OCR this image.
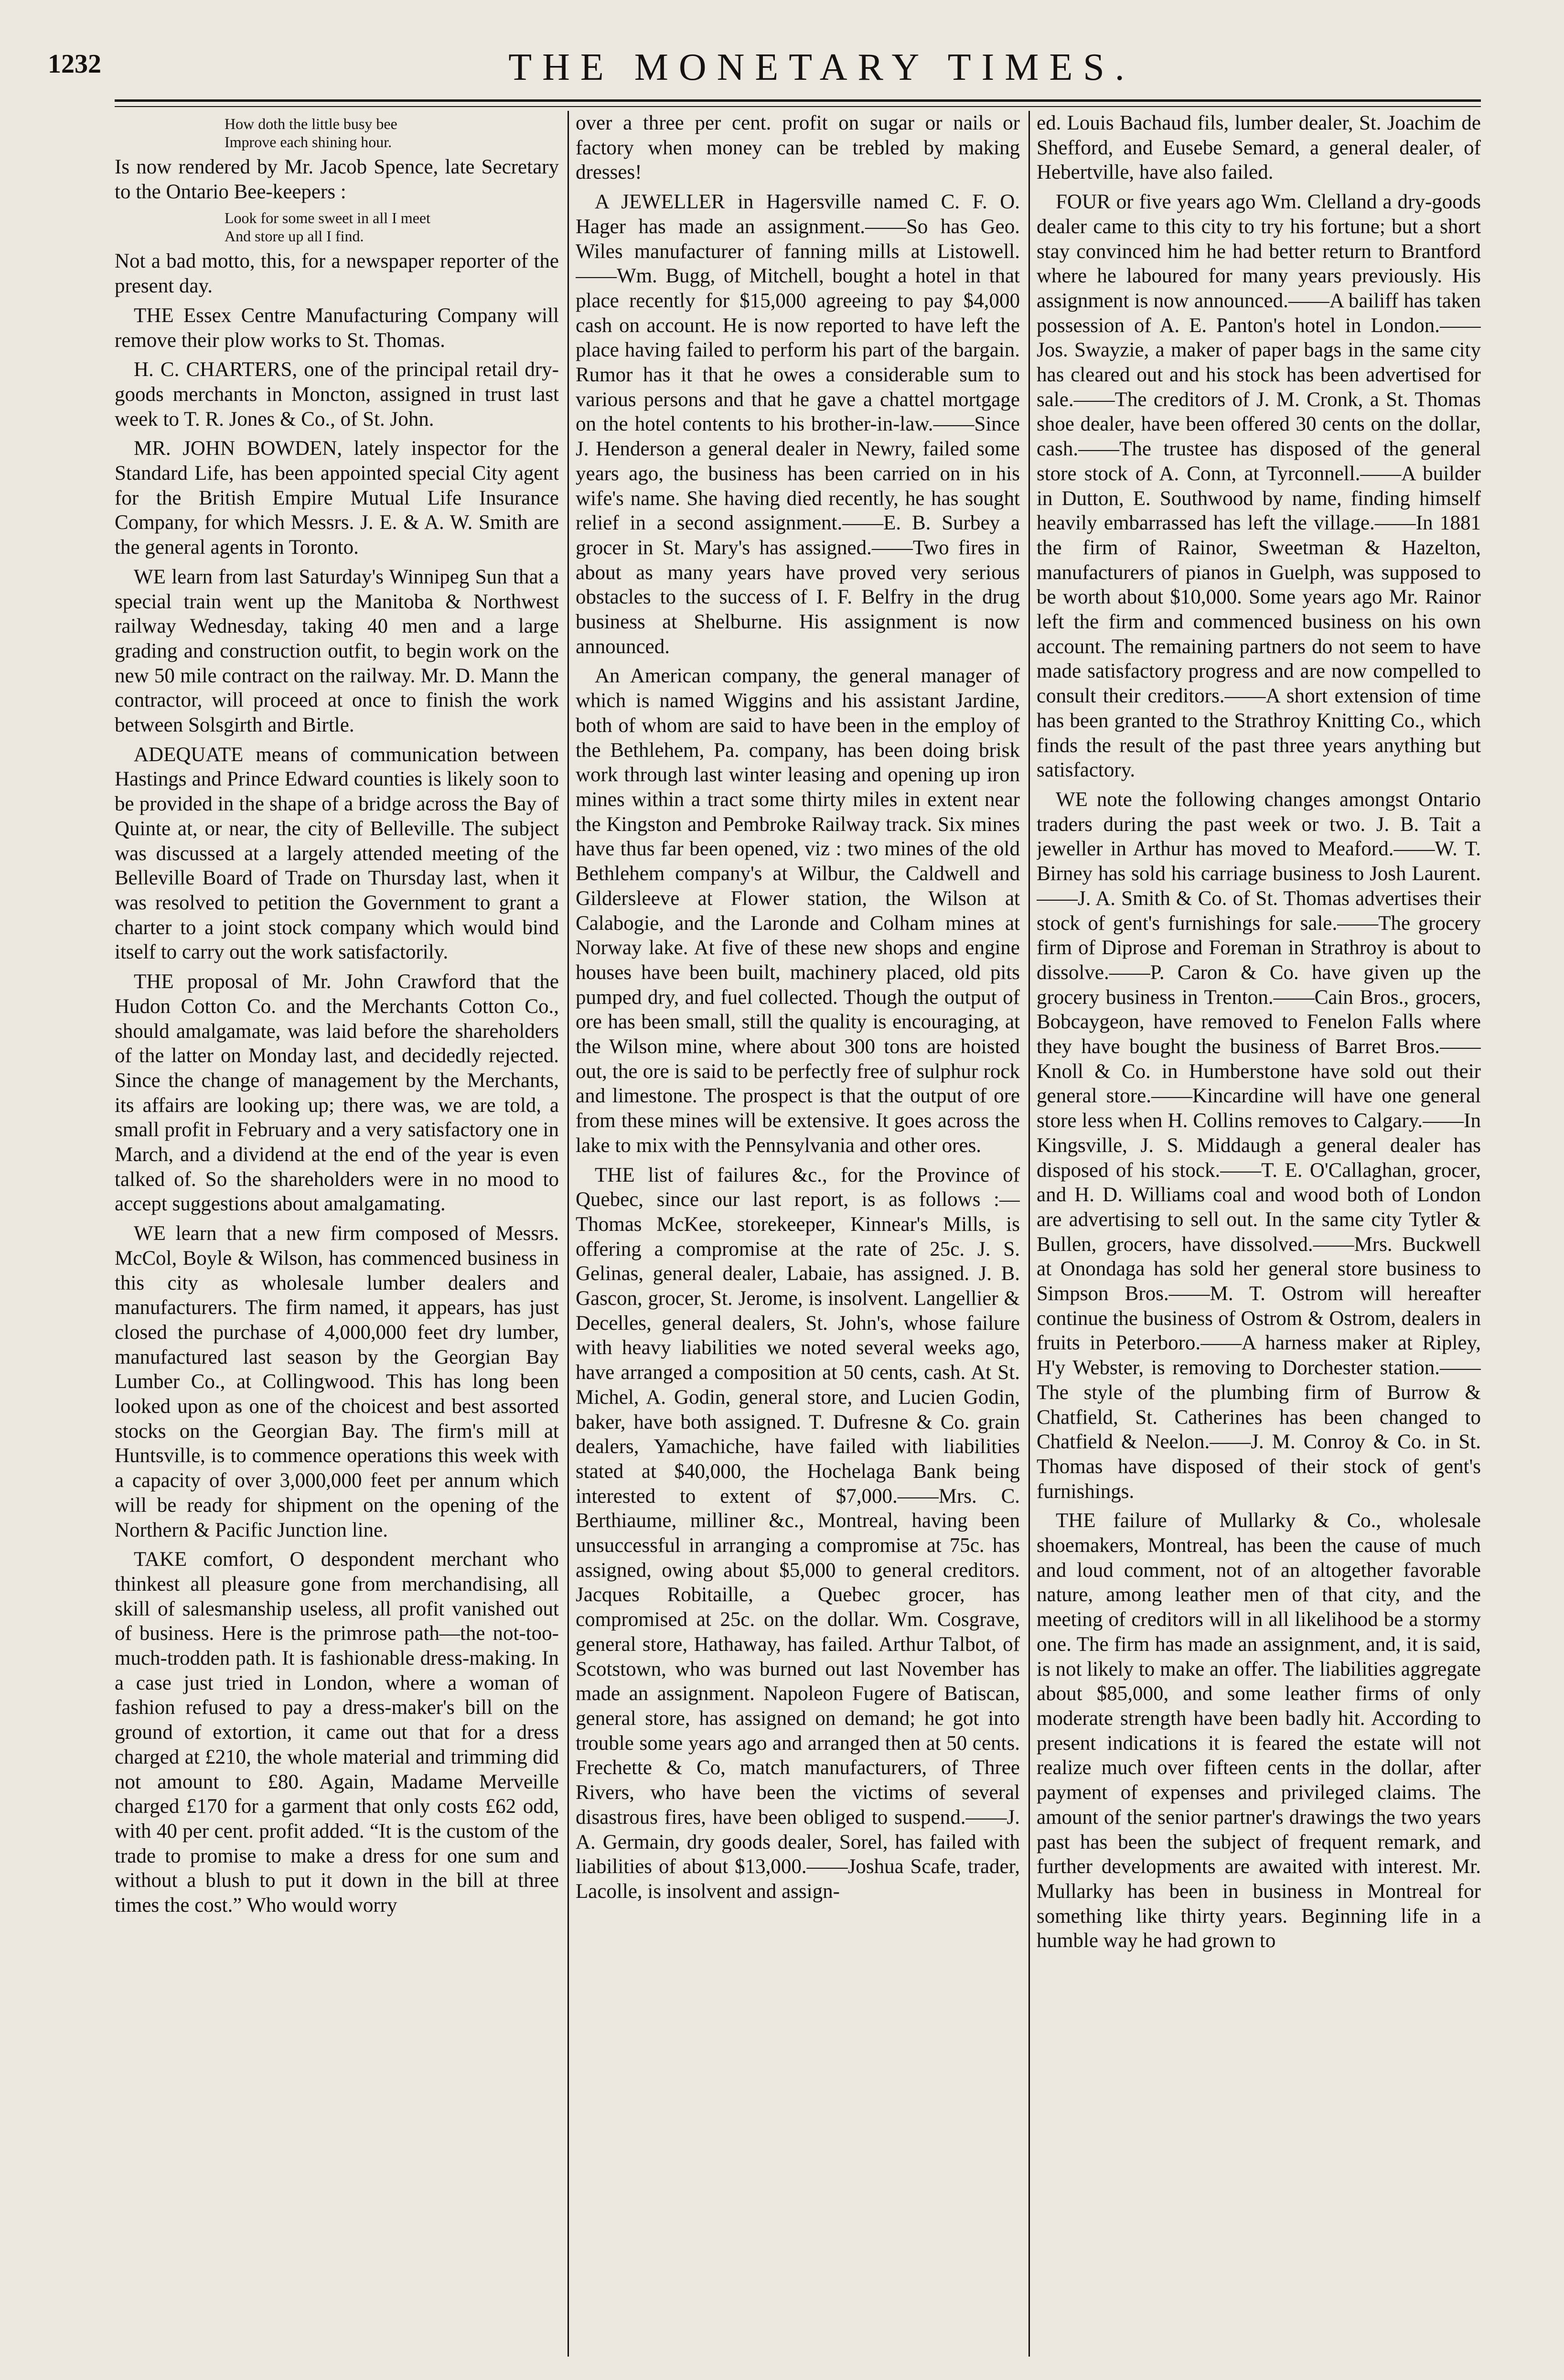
1232	THE MONETARY TIMES.
How doth the little busy bee
Improve each shining hour.

Is now rendered by Mr. Jacob Spence, late Secretary to the Ontario Bee-keepers :

Look for some sweet in all I meet
And store up all I find.

Not a bad motto, this, for a newspaper reporter of the present day.

THE Essex Centre Manufacturing Company will remove their plow works to St. Thomas.

H. C. CHARTERS, one of the principal retail dry-goods merchants in Moncton, assigned in trust last week to T. R. Jones & Co., of St. John.

MR. JOHN BOWDEN, lately inspector for the Standard Life, has been appointed special City agent for the British Empire Mutual Life Insurance Company, for which Messrs. J. E. & A. W. Smith are the general agents in Toronto.

WE learn from last Saturday's Winnipeg Sun that a special train went up the Manitoba & Northwest railway Wednesday, taking 40 men and a large grading and construction outfit, to begin work on the new 50 mile contract on the railway. Mr. D. Mann the contractor, will proceed at once to finish the work between Solsgirth and Birtle.

ADEQUATE means of communication between Hastings and Prince Edward counties is likely soon to be provided in the shape of a bridge across the Bay of Quinte at, or near, the city of Belleville. The subject was discussed at a largely attended meeting of the Belleville Board of Trade on Thursday last, when it was resolved to petition the Government to grant a charter to a joint stock company which would bind itself to carry out the work satisfactorily.

THE proposal of Mr. John Crawford that the Hudon Cotton Co. and the Merchants Cotton Co., should amalgamate, was laid before the shareholders of the latter on Monday last, and decidedly rejected. Since the change of management by the Merchants, its affairs are looking up; there was, we are told, a small profit in February and a very satisfactory one in March, and a dividend at the end of the year is even talked of. So the shareholders were in no mood to accept suggestions about amalgamating.

WE learn that a new firm composed of Messrs. McCol, Boyle & Wilson, has commenced business in this city as wholesale lumber dealers and manufacturers. The firm named, it appears, has just closed the purchase of 4,000,000 feet dry lumber, manufactured last season by the Georgian Bay Lumber Co., at Collingwood. This has long been looked upon as one of the choicest and best assorted stocks on the Georgian Bay. The firm's mill at Huntsville, is to commence operations this week with a capacity of over 3,000,000 feet per annum which will be ready for shipment on the opening of the Northern & Pacific Junction line.

TAKE comfort, O despondent merchant who thinkest all pleasure gone from merchandising, all skill of salesmanship useless, all profit vanished out of business. Here is the primrose path—the not-too-much-trodden path. It is fashionable dress-making. In a case just tried in London, where a woman of fashion refused to pay a dress-maker's bill on the ground of extortion, it came out that for a dress charged at £210, the whole material and trimming did not amount to £80. Again, Madame Merveille charged £170 for a garment that only costs £62 odd, with 40 per cent. profit added. “It is the custom of the trade to promise to make a dress for one sum and without a blush to put it down in the bill at three times the cost.” Who would worry

over a three per cent. profit on sugar or nails or factory when money can be trebled by making dresses!

A JEWELLER in Hagersville named C. F. O. Hager has made an assignment.——So has Geo. Wiles manufacturer of fanning mills at Listowell.——Wm. Bugg, of Mitchell, bought a hotel in that place recently for $15,000 agreeing to pay $4,000 cash on account. He is now reported to have left the place having failed to perform his part of the bargain. Rumor has it that he owes a considerable sum to various persons and that he gave a chattel mortgage on the hotel contents to his brother-in-law.——Since J. Henderson a general dealer in Newry, failed some years ago, the business has been carried on in his wife's name. She having died recently, he has sought relief in a second assignment.——E. B. Surbey a grocer in St. Mary's has assigned.——Two fires in about as many years have proved very serious obstacles to the success of I. F. Belfry in the drug business at Shelburne. His assignment is now announced.

An American company, the general manager of which is named Wiggins and his assistant Jardine, both of whom are said to have been in the employ of the Bethlehem, Pa. company, has been doing brisk work through last winter leasing and opening up iron mines within a tract some thirty miles in extent near the Kingston and Pembroke Railway track. Six mines have thus far been opened, viz : two mines of the old Bethlehem company's at Wilbur, the Caldwell and Gildersleeve at Flower station, the Wilson at Calabogie, and the Laronde and Colham mines at Norway lake. At five of these new shops and engine houses have been built, machinery placed, old pits pumped dry, and fuel collected. Though the output of ore has been small, still the quality is encouraging, at the Wilson mine, where about 300 tons are hoisted out, the ore is said to be perfectly free of sulphur rock and limestone. The prospect is that the output of ore from these mines will be extensive. It goes across the lake to mix with the Pennsylvania and other ores.

THE list of failures &c., for the Province of Quebec, since our last report, is as follows :—Thomas McKee, storekeeper, Kinnear's Mills, is offering a compromise at the rate of 25c. J. S. Gelinas, general dealer, Labaie, has assigned. J. B. Gascon, grocer, St. Jerome, is insolvent. Langellier & Decelles, general dealers, St. John's, whose failure with heavy liabilities we noted several weeks ago, have arranged a composition at 50 cents, cash. At St. Michel, A. Godin, general store, and Lucien Godin, baker, have both assigned. T. Dufresne & Co. grain dealers, Yamachiche, have failed with liabilities stated at $40,000, the Hochelaga Bank being interested to extent of $7,000.——Mrs. C. Berthiaume, milliner &c., Montreal, having been unsuccessful in arranging a compromise at 75c. has assigned, owing about $5,000 to general creditors. Jacques Robitaille, a Quebec grocer, has compromised at 25c. on the dollar. Wm. Cosgrave, general store, Hathaway, has failed. Arthur Talbot, of Scotstown, who was burned out last November has made an assignment. Napoleon Fugere of Batiscan, general store, has assigned on demand; he got into trouble some years ago and arranged then at 50 cents. Frechette & Co, match manufacturers, of Three Rivers, who have been the victims of several disastrous fires, have been obliged to suspend.——J. A. Germain, dry goods dealer, Sorel, has failed with liabilities of about $13,000.——Joshua Scafe, trader, Lacolle, is insolvent and assign-

ed. Louis Bachaud fils, lumber dealer, St. Joachim de Shefford, and Eusebe Semard, a general dealer, of Hebertville, have also failed.

FOUR or five years ago Wm. Clelland a dry-goods dealer came to this city to try his fortune; but a short stay convinced him he had better return to Brantford where he laboured for many years previously. His assignment is now announced.——A bailiff has taken possession of A. E. Panton's hotel in London.——Jos. Swayzie, a maker of paper bags in the same city has cleared out and his stock has been advertised for sale.——The creditors of J. M. Cronk, a St. Thomas shoe dealer, have been offered 30 cents on the dollar, cash.——The trustee has disposed of the general store stock of A. Conn, at Tyrconnell.——A builder in Dutton, E. Southwood by name, finding himself heavily embarrassed has left the village.——In 1881 the firm of Rainor, Sweetman & Hazelton, manufacturers of pianos in Guelph, was supposed to be worth about $10,000. Some years ago Mr. Rainor left the firm and commenced business on his own account. The remaining partners do not seem to have made satisfactory progress and are now compelled to consult their creditors.——A short extension of time has been granted to the Strathroy Knitting Co., which finds the result of the past three years anything but satisfactory.

WE note the following changes amongst Ontario traders during the past week or two. J. B. Tait a jeweller in Arthur has moved to Meaford.——W. T. Birney has sold his carriage business to Josh Laurent.——J. A. Smith & Co. of St. Thomas advertises their stock of gent's furnishings for sale.——The grocery firm of Diprose and Foreman in Strathroy is about to dissolve.——P. Caron & Co. have given up the grocery business in Trenton.——Cain Bros., grocers, Bobcaygeon, have removed to Fenelon Falls where they have bought the business of Barret Bros.——Knoll & Co. in Humberstone have sold out their general store.——Kincardine will have one general store less when H. Collins removes to Calgary.——In Kingsville, J. S. Middaugh a general dealer has disposed of his stock.——T. E. O'Callaghan, grocer, and H. D. Williams coal and wood both of London are advertising to sell out. In the same city Tytler & Bullen, grocers, have dissolved.——Mrs. Buckwell at Onondaga has sold her general store business to Simpson Bros.——M. T. Ostrom will hereafter continue the business of Ostrom & Ostrom, dealers in fruits in Peterboro.——A harness maker at Ripley, H'y Webster, is removing to Dorchester station.——The style of the plumbing firm of Burrow & Chatfield, St. Catherines has been changed to Chatfield & Neelon.——J. M. Conroy & Co. in St. Thomas have disposed of their stock of gent's furnishings.

THE failure of Mullarky & Co., wholesale shoemakers, Montreal, has been the cause of much and loud comment, not of an altogether favorable nature, among leather men of that city, and the meeting of creditors will in all likelihood be a stormy one. The firm has made an assignment, and, it is said, is not likely to make an offer. The liabilities aggregate about $85,000, and some leather firms of only moderate strength have been badly hit. According to present indications it is feared the estate will not realize much over fifteen cents in the dollar, after payment of expenses and privileged claims. The amount of the senior partner's drawings the two years past has been the subject of frequent remark, and further developments are awaited with interest. Mr. Mullarky has been in business in Montreal for something like thirty years. Beginning life in a humble way he had grown to
